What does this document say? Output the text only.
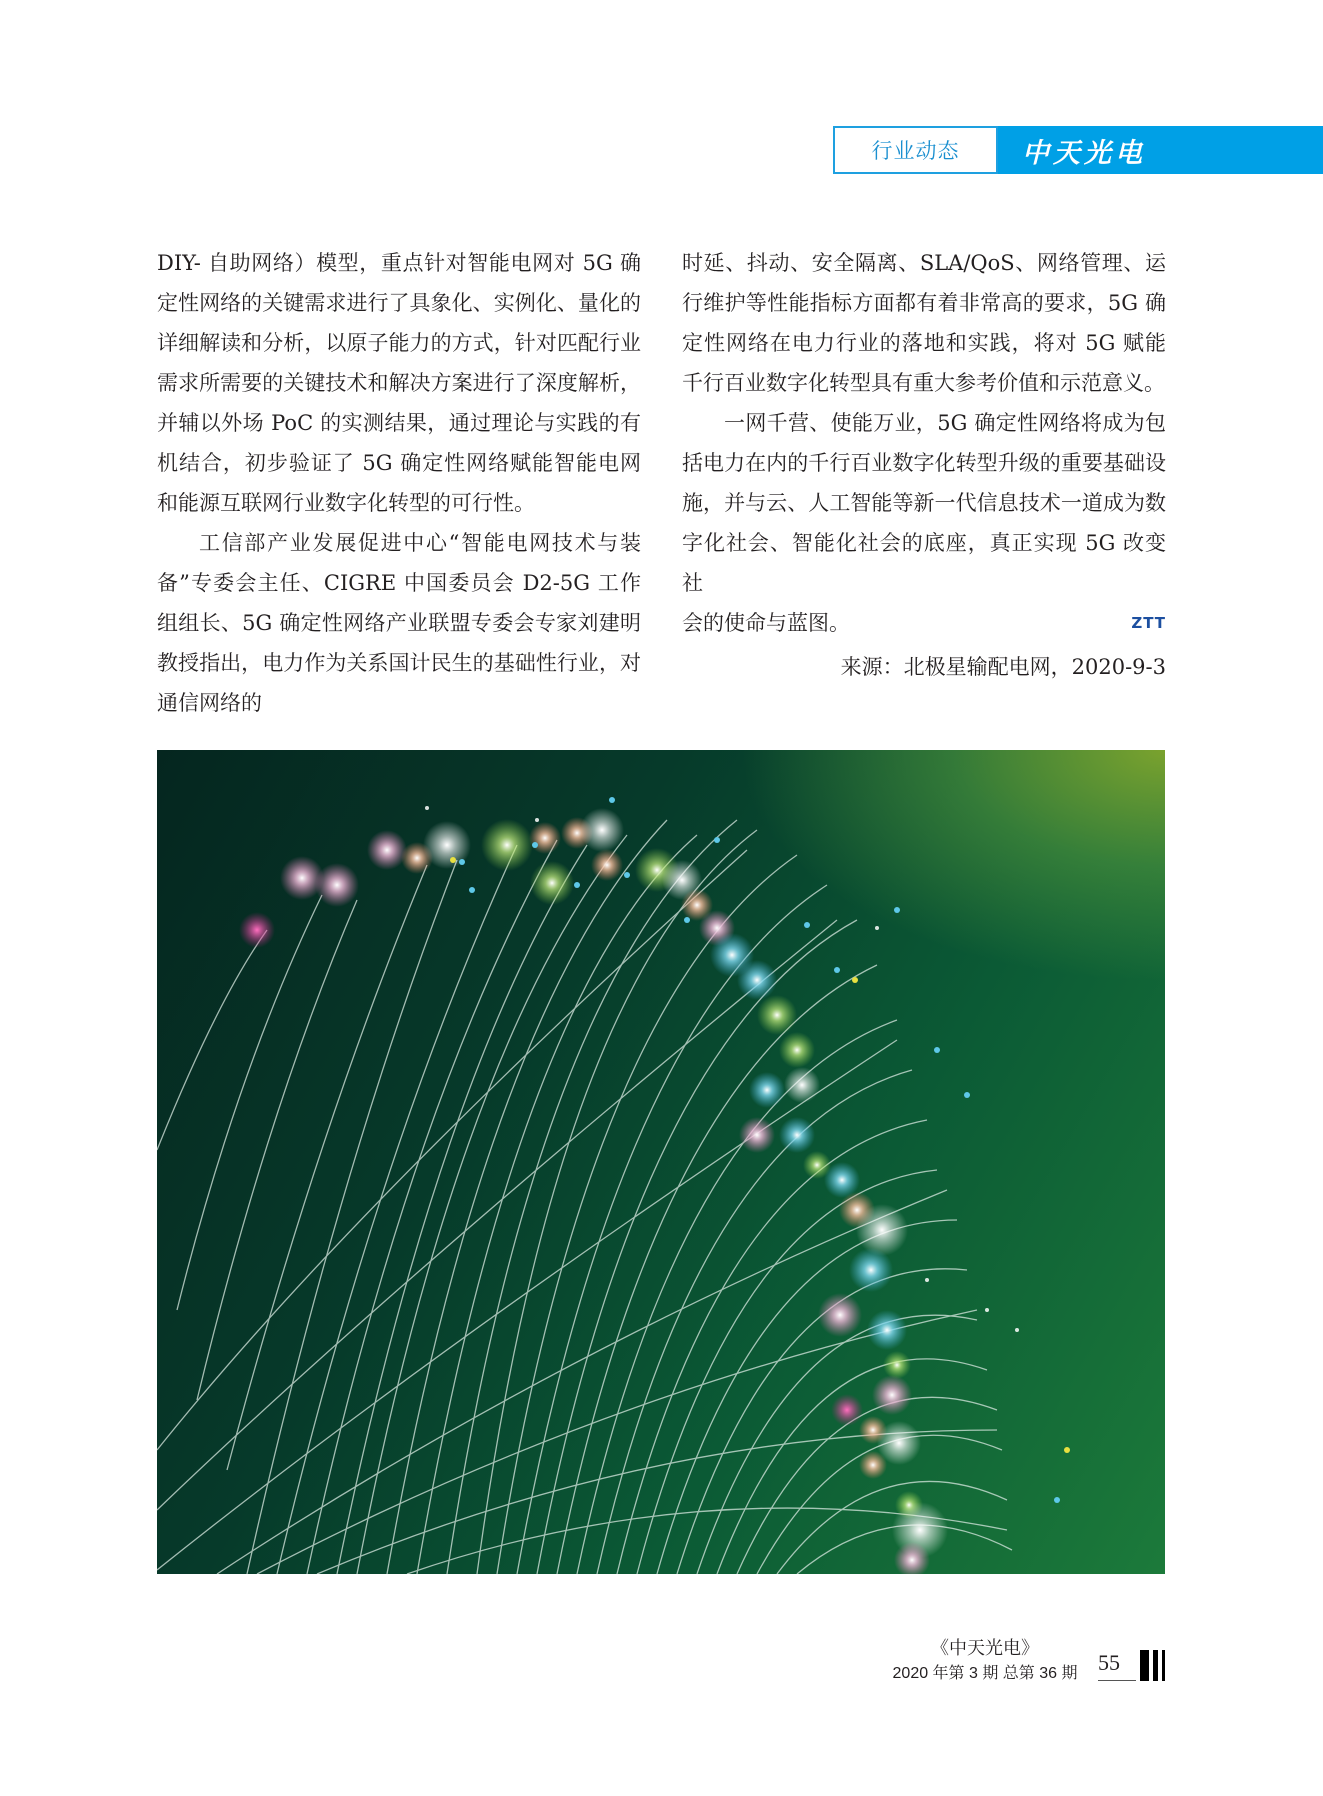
行业动态 中天光电

DIY- 自助网络）模型，重点针对智能电网对 5G 确定性网络的关键需求进行了具象化、实例化、量化的详细解读和分析，以原子能力的方式，针对匹配行业需求所需要的关键技术和解决方案进行了深度解析，并辅以外场 PoC 的实测结果，通过理论与实践的有机结合，初步验证了 5G 确定性网络赋能智能电网和能源互联网行业数字化转型的可行性。

工信部产业发展促进中心“智能电网技术与装备”专委会主任、CIGRE 中国委员会 D2-5G 工作组组长、5G 确定性网络产业联盟专委会专家刘建明教授指出，电力作为关系国计民生的基础性行业，对通信网络的

时延、抖动、安全隔离、SLA/QoS、网络管理、运行维护等性能指标方面都有着非常高的要求，5G 确定性网络在电力行业的落地和实践，将对 5G 赋能千行百业数字化转型具有重大参考价值和示范意义。

一网千营、使能万业，5G 确定性网络将成为包括电力在内的千行百业数字化转型升级的重要基础设施，并与云、人工智能等新一代信息技术一道成为数字化社会、智能化社会的底座，真正实现 5G 改变社

会的使命与蓝图。	ZTT
来源：北极星输配电网，2020-9-3
《中天光电》
2020 年第 3 期 总第 36 期 55
